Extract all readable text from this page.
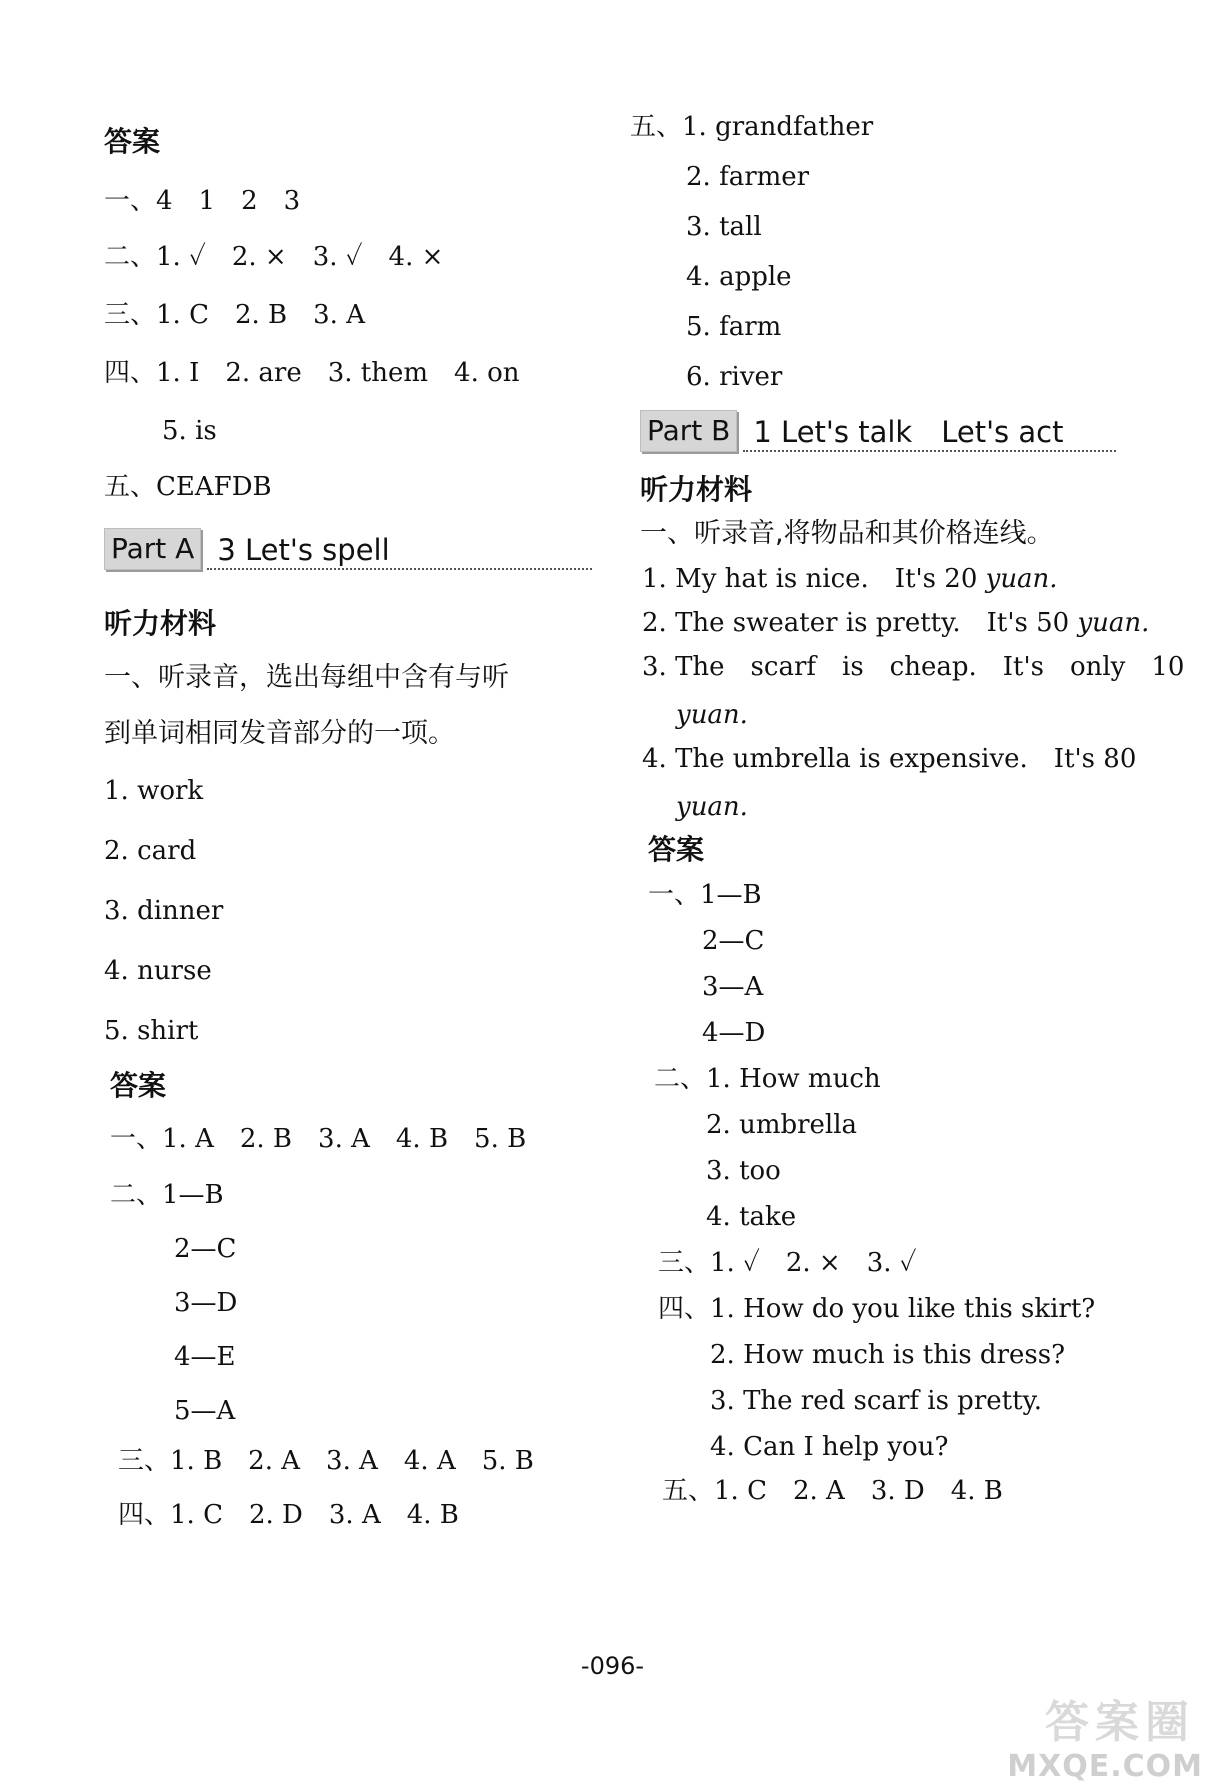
答案

一、4　1　2　3

二、1. ✓　2. ×　3. ✓　4. ×

三、1. C　2. B　3. A

四、1. I　2. are　3. them　4. on

5. is

五、CEAFDB

Part A 3 Let's spell

听力材料

一、听录音，选出每组中含有与听

到单词相同发音部分的一项。

1. work

2. card

3. dinner

4. nurse

5. shirt

答案

一、1. A　2. B　3. A　4. B　5. B

二、1—B

2—C

3—D

4—E

5—A

三、1. B　2. A　3. A　4. A　5. B

四、1. C　2. D　3. A　4. B

五、1. grandfather

2. farmer

3. tall

4. apple

5. farm

6. river

Part B 1 Let's talk　Let's act

听力材料

一、听录音,将物品和其价格连线。

1. My hat is nice.　It's 20 yuan.

2. The sweater is pretty.　It's 50 yuan.

3. The　scarf　is　cheap.　It's　only　10

yuan.

4. The umbrella is expensive.　It's 80

yuan.

答案

一、1—B

2—C

3—A

4—D

二、1. How much

2. umbrella

3. too

4. take

三、1. ✓　2. ×　3. ✓

四、1. How do you like this skirt?

2. How much is this dress?

3. The red scarf is pretty.

4. Can I help you?

五、1. C　2. A　3. D　4. B

-096-
答案圈
MXQE.COM
